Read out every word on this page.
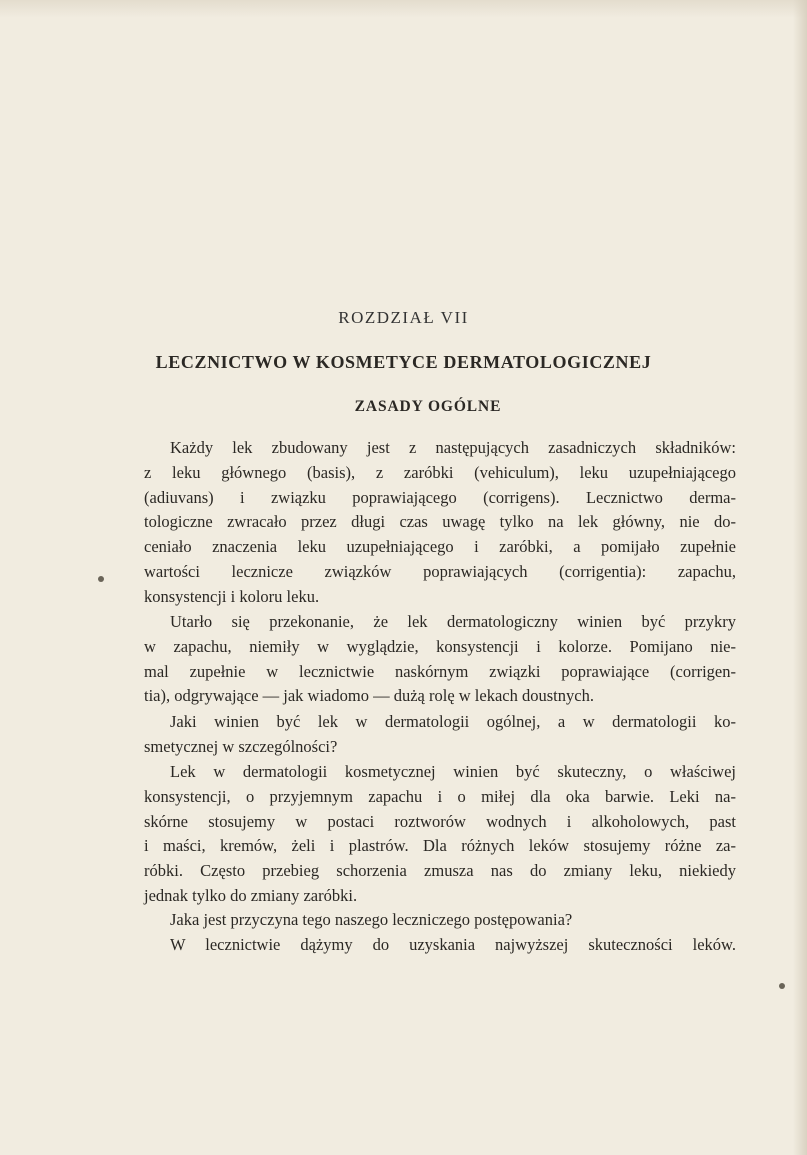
ROZDZIAŁ VII
LECZNICTWO W KOSMETYCE DERMATOLOGICZNEJ
ZASADY OGÓLNE
Każdy lek zbudowany jest z następujących zasadniczych składników:
z leku głównego (basis), z zaróbki (vehiculum), leku uzupełniającego
(adiuvans) i związku poprawiającego (corrigens). Lecznictwo derma-
tologiczne zwracało przez długi czas uwagę tylko na lek główny, nie do-
ceniało znaczenia leku uzupełniającego i zaróbki, a pomijało zupełnie
wartości lecznicze związków poprawiających (corrigentia): zapachu,
konsystencji i koloru leku.
Utarło się przekonanie, że lek dermatologiczny winien być przykry
w zapachu, niemiły w wyglądzie, konsystencji i kolorze. Pomijano nie-
mal zupełnie w lecznictwie naskórnym związki poprawiające (corrigen-
tia), odgrywające — jak wiadomo — dużą rolę w lekach doustnych.
Jaki winien być lek w dermatologii ogólnej, a w dermatologii ko-
smetycznej w szczególności?
Lek w dermatologii kosmetycznej winien być skuteczny, o właściwej
konsystencji, o przyjemnym zapachu i o miłej dla oka barwie. Leki na-
skórne stosujemy w postaci roztworów wodnych i alkoholowych, past
i maści, kremów, żeli i plastrów. Dla różnych leków stosujemy różne za-
róbki. Często przebieg schorzenia zmusza nas do zmiany leku, niekiedy
jednak tylko do zmiany zaróbki.
Jaka jest przyczyna tego naszego leczniczego postępowania?
W lecznictwie dążymy do uzyskania najwyższej skuteczności leków.
